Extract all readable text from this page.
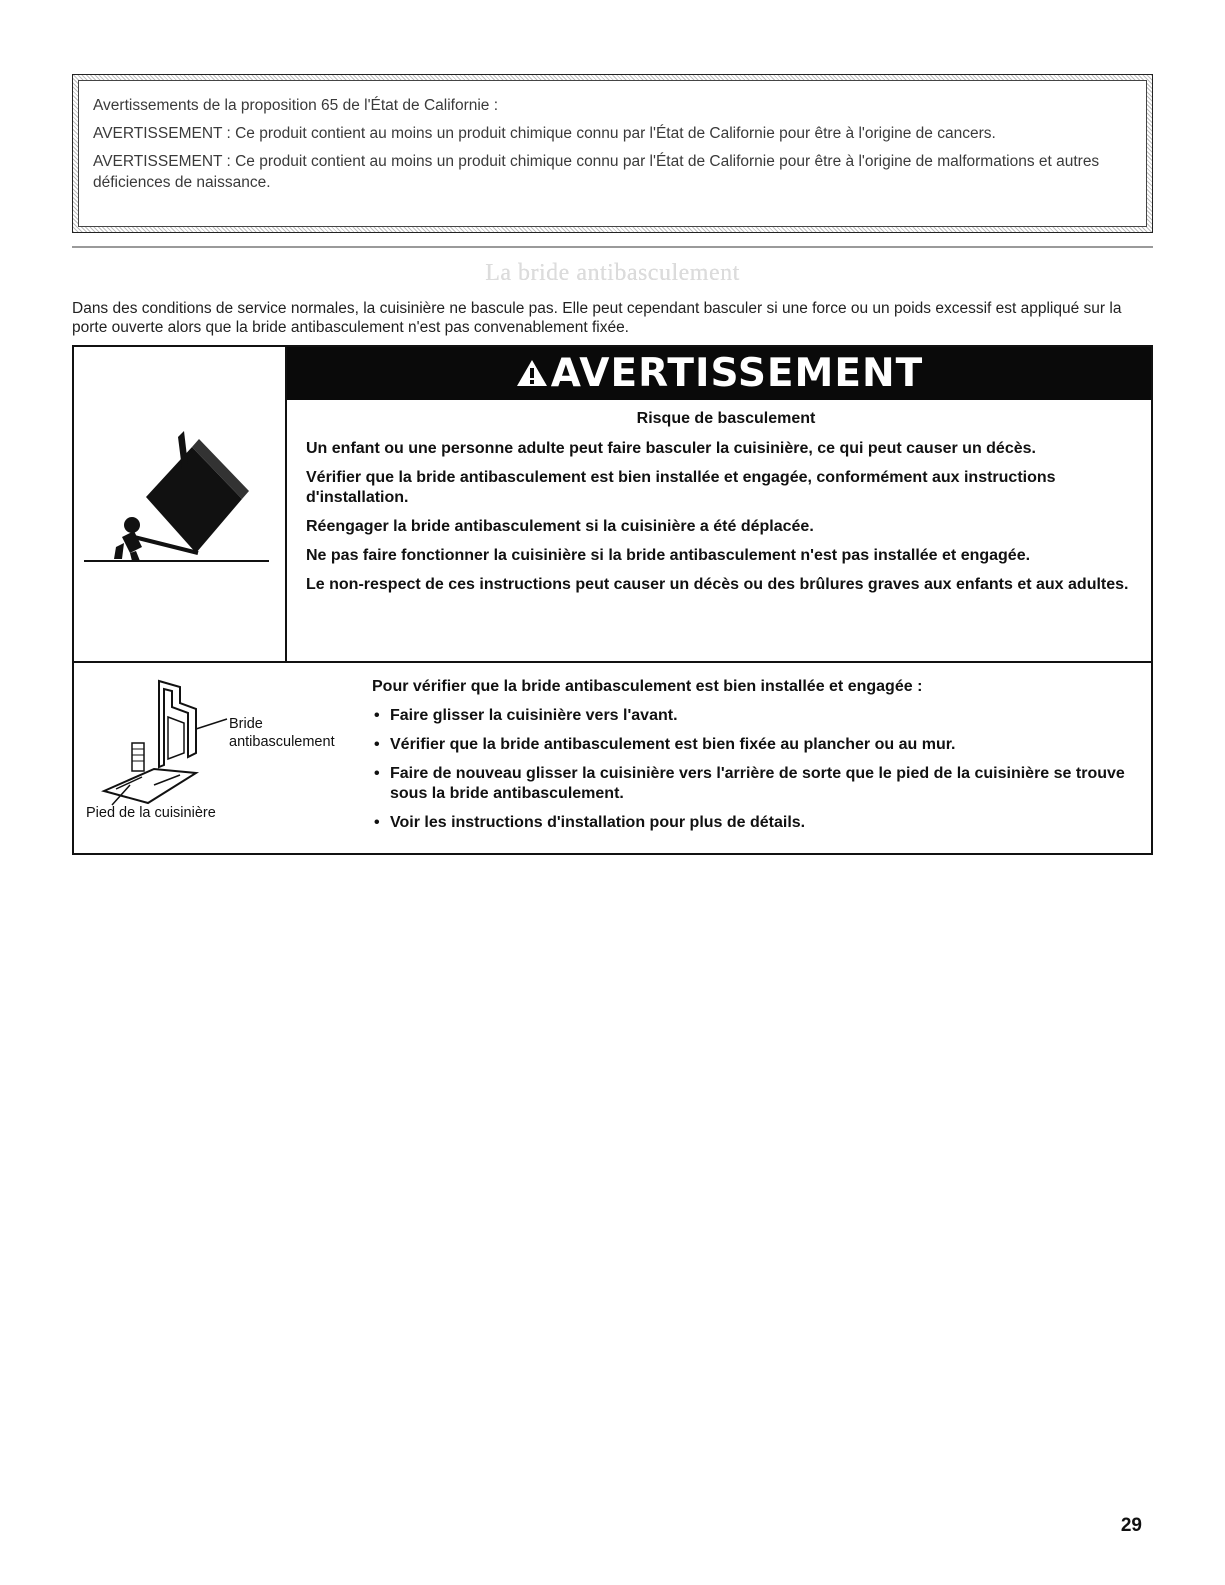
Avertissements de la proposition 65 de l'État de Californie :

AVERTISSEMENT : Ce produit contient au moins un produit chimique connu par l'État de Californie pour être à l'origine de cancers.

AVERTISSEMENT : Ce produit contient au moins un produit chimique connu par l'État de Californie pour être à l'origine de malformations et autres déficiences de naissance.

La bride antibasculement
Dans des conditions de service normales, la cuisinière ne bascule pas. Elle peut cependant basculer si une force ou un poids excessif est appliqué sur la porte ouverte alors que la bride antibasculement n'est pas convenablement fixée.
AVERTISSEMENT

Risque de basculement

Un enfant ou une personne adulte peut faire basculer la cuisinière, ce qui peut causer un décès.

Vérifier que la bride antibasculement est bien installée et engagée, conformément aux instructions d'installation.

Réengager la bride antibasculement si la cuisinière a été déplacée.

Ne pas faire fonctionner la cuisinière si la bride antibasculement n'est pas installée et engagée.

Le non-respect de ces instructions peut causer un décès ou des brûlures graves aux enfants et aux adultes.

Bride
antibasculement
Pied de la cuisinière

Pour vérifier que la bride antibasculement est bien installée et engagée :

• Faire glisser la cuisinière vers l'avant.
• Vérifier que la bride antibasculement est bien fixée au plancher ou au mur.
• Faire de nouveau glisser la cuisinière vers l'arrière de sorte que le pied de la cuisinière se trouve sous la bride antibasculement.
• Voir les instructions d'installation pour plus de détails.
29
